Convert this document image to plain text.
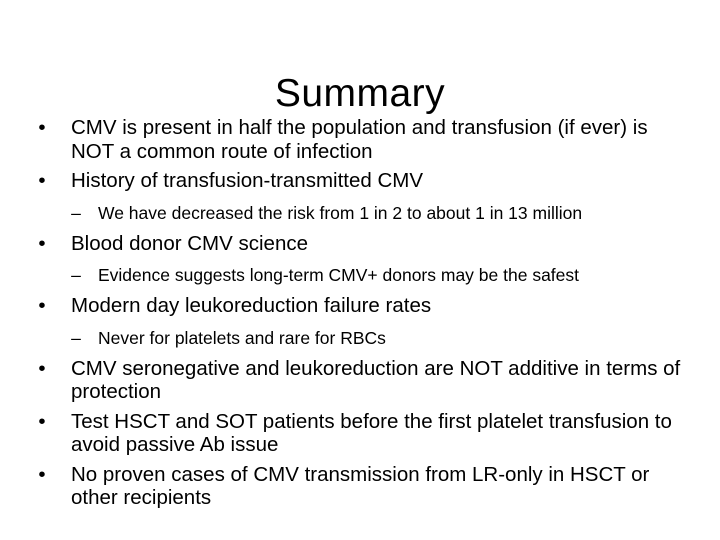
Summary
• CMV is present in half the population and transfusion (if ever) is NOT a common route of infection
• History of transfusion-transmitted CMV
– We have decreased the risk from 1 in 2 to about 1 in 13 million
• Blood donor CMV science
– Evidence suggests long-term CMV+ donors may be the safest
• Modern day leukoreduction failure rates
– Never for platelets and rare for RBCs
• CMV seronegative and leukoreduction are NOT additive in terms of protection
• Test HSCT and SOT patients before the first platelet transfusion to avoid passive Ab issue
• No proven cases of CMV transmission from LR-only in HSCT or other recipients
